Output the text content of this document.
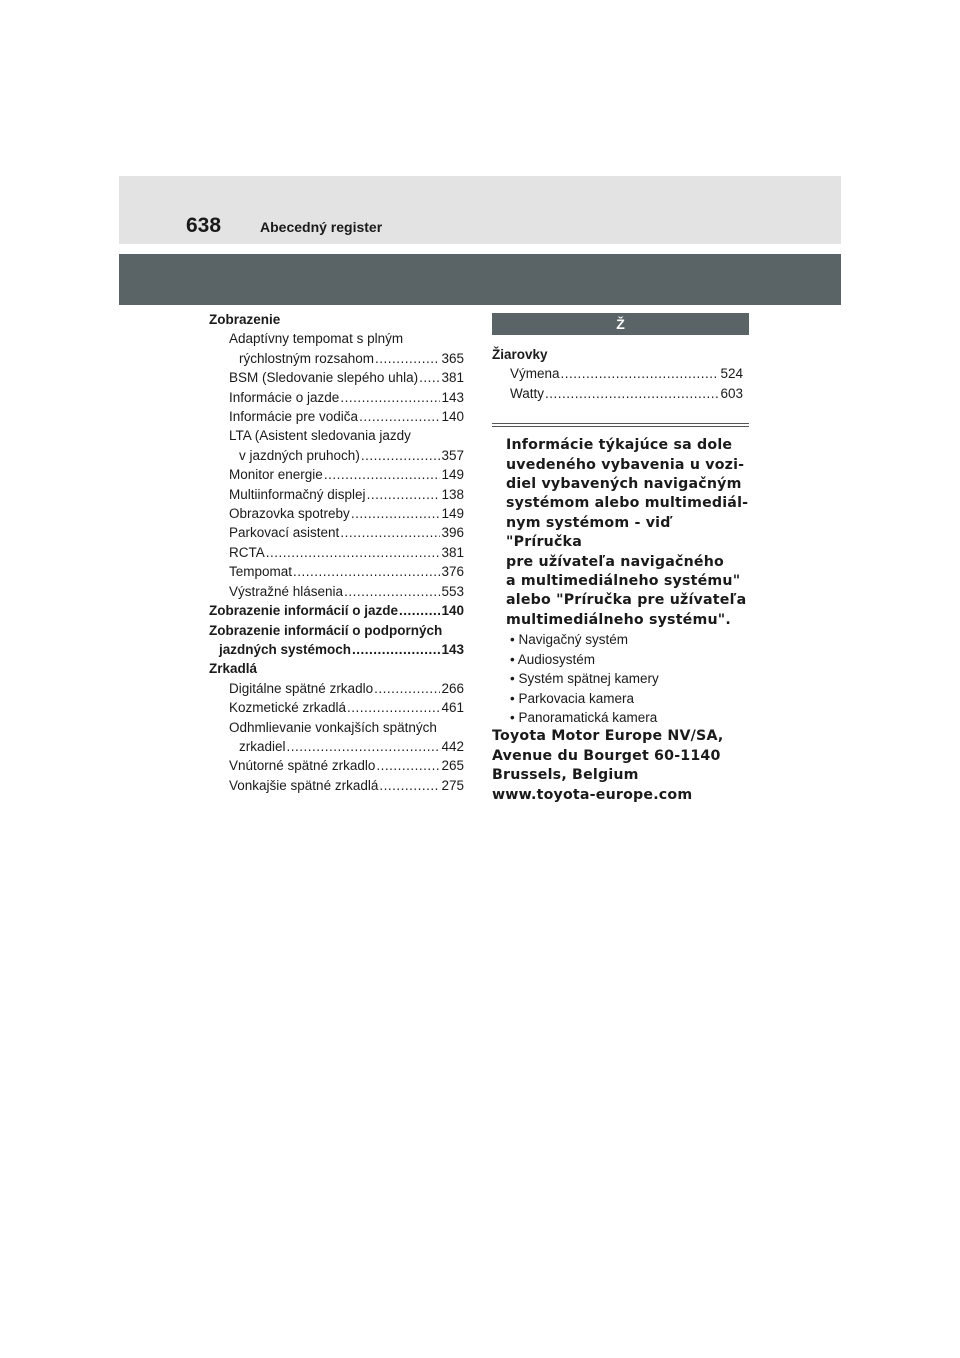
638	Abecedný register
Zobrazenie
Adaptívny tempomat s plným
rýchlostným rozsahom .....	365
BSM (Sledovanie slepého uhla) ..... 381
Informácie o jazde .....	143
Informácie pre vodiča .....	140
LTA (Asistent sledovania jazdy
v jazdných pruhoch) .....	357
Monitor energie .....	149
Multiinformačný displej .....	138
Obrazovka spotreby .....	149
Parkovací asistent .....	396
RCTA .....	381
Tempomat .....	376
Výstražné hlásenia .....	553
Zobrazenie informácií o jazde .....	140
Zobrazenie informácií o podporných
jazdných systémoch .....	143
Zrkadlá
Digitálne spätné zrkadlo .....	266
Kozmetické zrkadlá .....	461
Odhmlievanie vonkajších spätných
zrkadiel .....	442
Vnútorné spätné zrkadlo .....	265
Vonkajšie spätné zrkadlá .....	275
Ž
Žiarovky
Výmena .....	524
Watty .....	603
Informácie týkajúce sa dole
uvedeného vybavenia u vozi-
diel vybavených navigačným
systémom alebo multimediál-
nym systémom - viď "Príručka
pre užívateľa navigačného
a multimediálneho systému"
alebo "Príručka pre užívateľa
multimediálneho systému".
• Navigačný systém
• Audiosystém
• Systém spätnej kamery
• Parkovacia kamera
• Panoramatická kamera
Toyota Motor Europe NV/SA,
Avenue du Bourget 60-1140
Brussels, Belgium
www.toyota-europe.com
